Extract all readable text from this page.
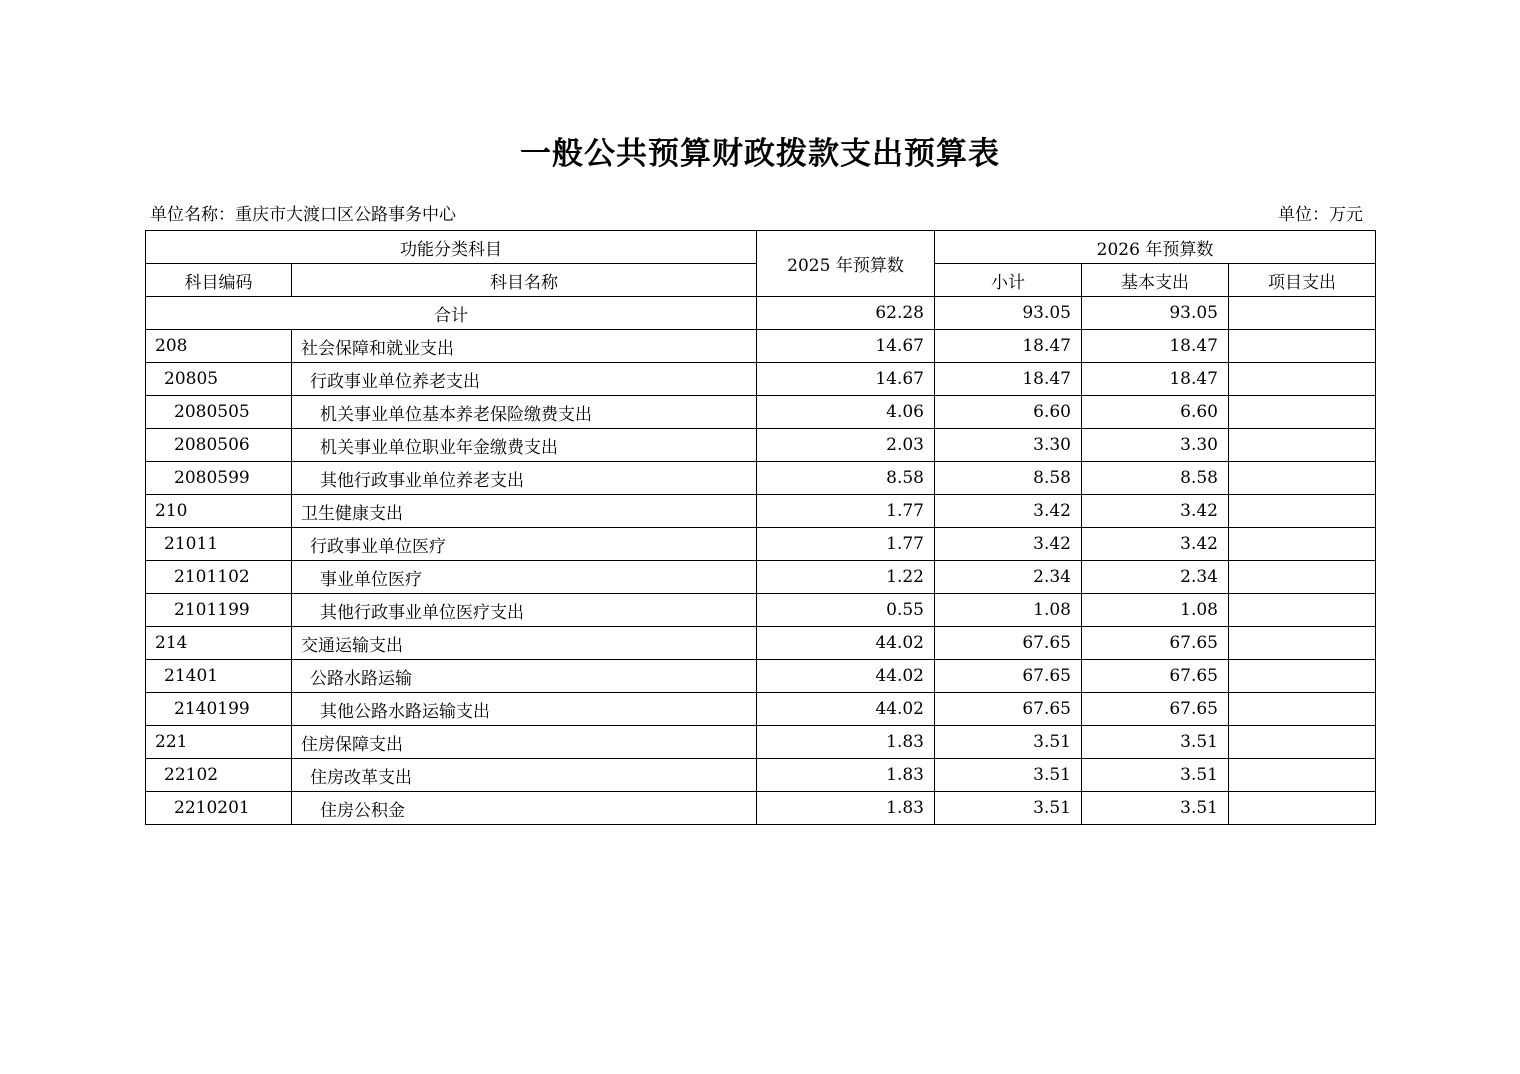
一般公共预算财政拨款支出预算表
单位名称：重庆市大渡口区公路事务中心	单位：万元
功能分类科目		2025 年预算数	2026 年预算数		
科目编码	科目名称		小计	基本支出	项目支出
合计		62.28	93.05	93.05	
208	社会保障和就业支出	14.67	18.47	18.47	
20805	行政事业单位养老支出	14.67	18.47	18.47	
2080505	机关事业单位基本养老保险缴费支出	4.06	6.60	6.60	
2080506	机关事业单位职业年金缴费支出	2.03	3.30	3.30	
2080599	其他行政事业单位养老支出	8.58	8.58	8.58	
210	卫生健康支出	1.77	3.42	3.42	
21011	行政事业单位医疗	1.77	3.42	3.42	
2101102	事业单位医疗	1.22	2.34	2.34	
2101199	其他行政事业单位医疗支出	0.55	1.08	1.08	
214	交通运输支出	44.02	67.65	67.65	
21401	公路水路运输	44.02	67.65	67.65	
2140199	其他公路水路运输支出	44.02	67.65	67.65	
221	住房保障支出	1.83	3.51	3.51	
22102	住房改革支出	1.83	3.51	3.51	
2210201	住房公积金	1.83	3.51	3.51	
